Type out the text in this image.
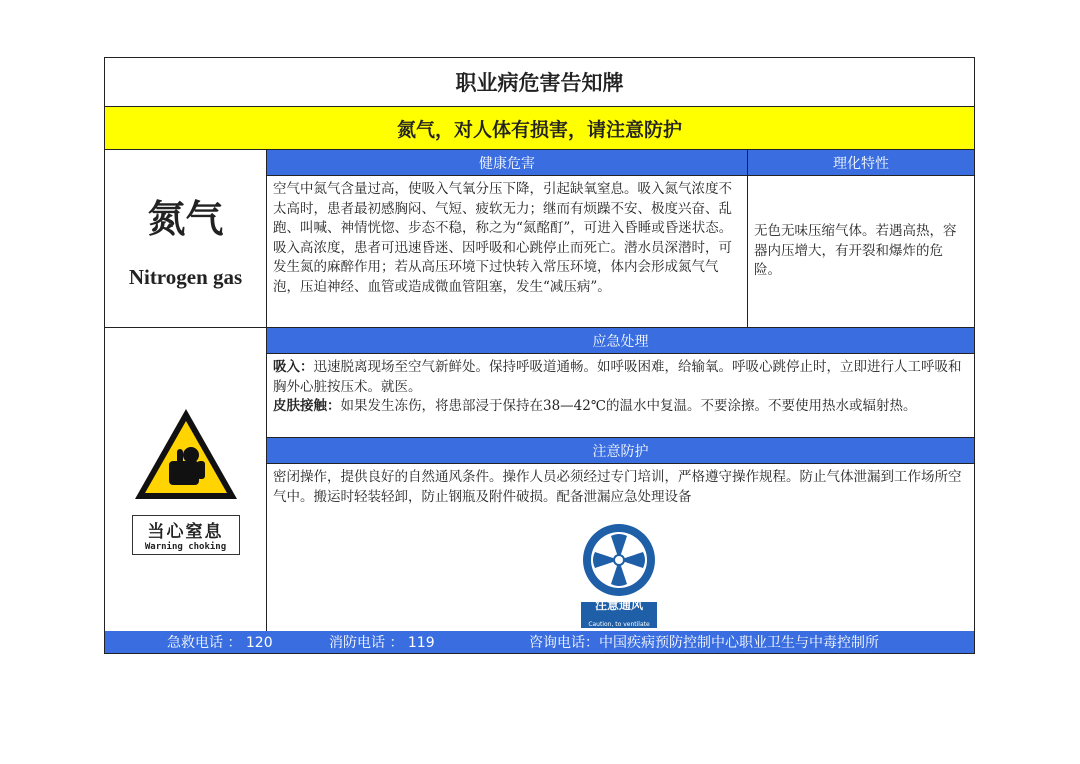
职业病危害告知牌
氮气，对人体有损害，请注意防护
氮气
Nitrogen gas
健康危害	理化特性
空气中氮气含量过高，使吸入气氧分压下降，引起缺氧窒息。吸入氮气浓度不太高时，患者最初感胸闷、气短、疲软无力；继而有烦躁不安、极度兴奋、乱跑、叫喊、神情恍惚、步态不稳，称之为“氮酩酊”，可进入昏睡或昏迷状态。吸入高浓度，患者可迅速昏迷、因呼吸和心跳停止而死亡。潜水员深潜时，可发生氮的麻醉作用；若从高压环境下过快转入常压环境，体内会形成氮气气泡，压迫神经、血管或造成微血管阻塞，发生“减压病”。
无色无味压缩气体。若遇高热，容器内压增大，有开裂和爆炸的危险。
当心窒息
Warning choking
应急处理
吸入：迅速脱离现场至空气新鲜处。保持呼吸道通畅。如呼吸困难，给输氧。呼吸心跳停止时，立即进行人工呼吸和胸外心脏按压术。就医。
皮肤接触：如果发生冻伤，将患部浸于保持在38—42℃的温水中复温。不要涂擦。不要使用热水或辐射热。
注意防护
密闭操作，提供良好的自然通风条件。操作人员必须经过专门培训，严格遵守操作规程。防止气体泄漏到工作场所空气中。搬运时轻装轻卸，防止钢瓶及附件破损。配备泄漏应急处理设备
注意通风
Caution, to ventilate
急救电话 ： 120	消防电话 ： 119	咨询电话：中国疾病预防控制中心职业卫生与中毒控制所
